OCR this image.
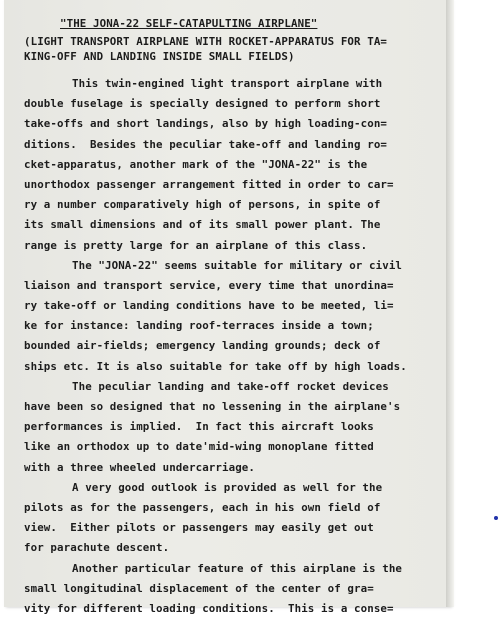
"THE JONA-22 SELF-CATAPULTING AIRPLANE"
(LIGHT TRANSPORT AIRPLANE WITH ROCKET-APPARATUS FOR TA=
KING-OFF AND LANDING INSIDE SMALL FIELDS)
This twin-engined light transport airplane with
double fuselage is specially designed to perform short
take-offs and short landings, also by high loading-con=
ditions.  Besides the peculiar take-off and landing ro=
cket-apparatus, another mark of the "JONA-22" is the
unorthodox passenger arrangement fitted in order to car=
ry a number comparatively high of persons, in spite of
its small dimensions and of its small power plant. The
range is pretty large for an airplane of this class.
The "JONA-22" seems suitable for military or civil
liaison and transport service, every time that unordina=
ry take-off or landing conditions have to be meeted, li=
ke for instance: landing roof-terraces inside a town;
bounded air-fields; emergency landing grounds; deck of
ships etc. It is also suitable for take off by high loads.
The peculiar landing and take-off rocket devices
have been so designed that no lessening in the airplane's
performances is implied.  In fact this aircraft looks
like an orthodox up to date'mid-wing monoplane fitted
with a three wheeled undercarriage.
A very good outlook is provided as well for the
pilots as for the passengers, each in his own field of
view.  Either pilots or passengers may easily get out
for parachute descent.
Another particular feature of this airplane is the
small longitudinal displacement of the center of gra=
vity for different loading conditions.  This is a conse=
